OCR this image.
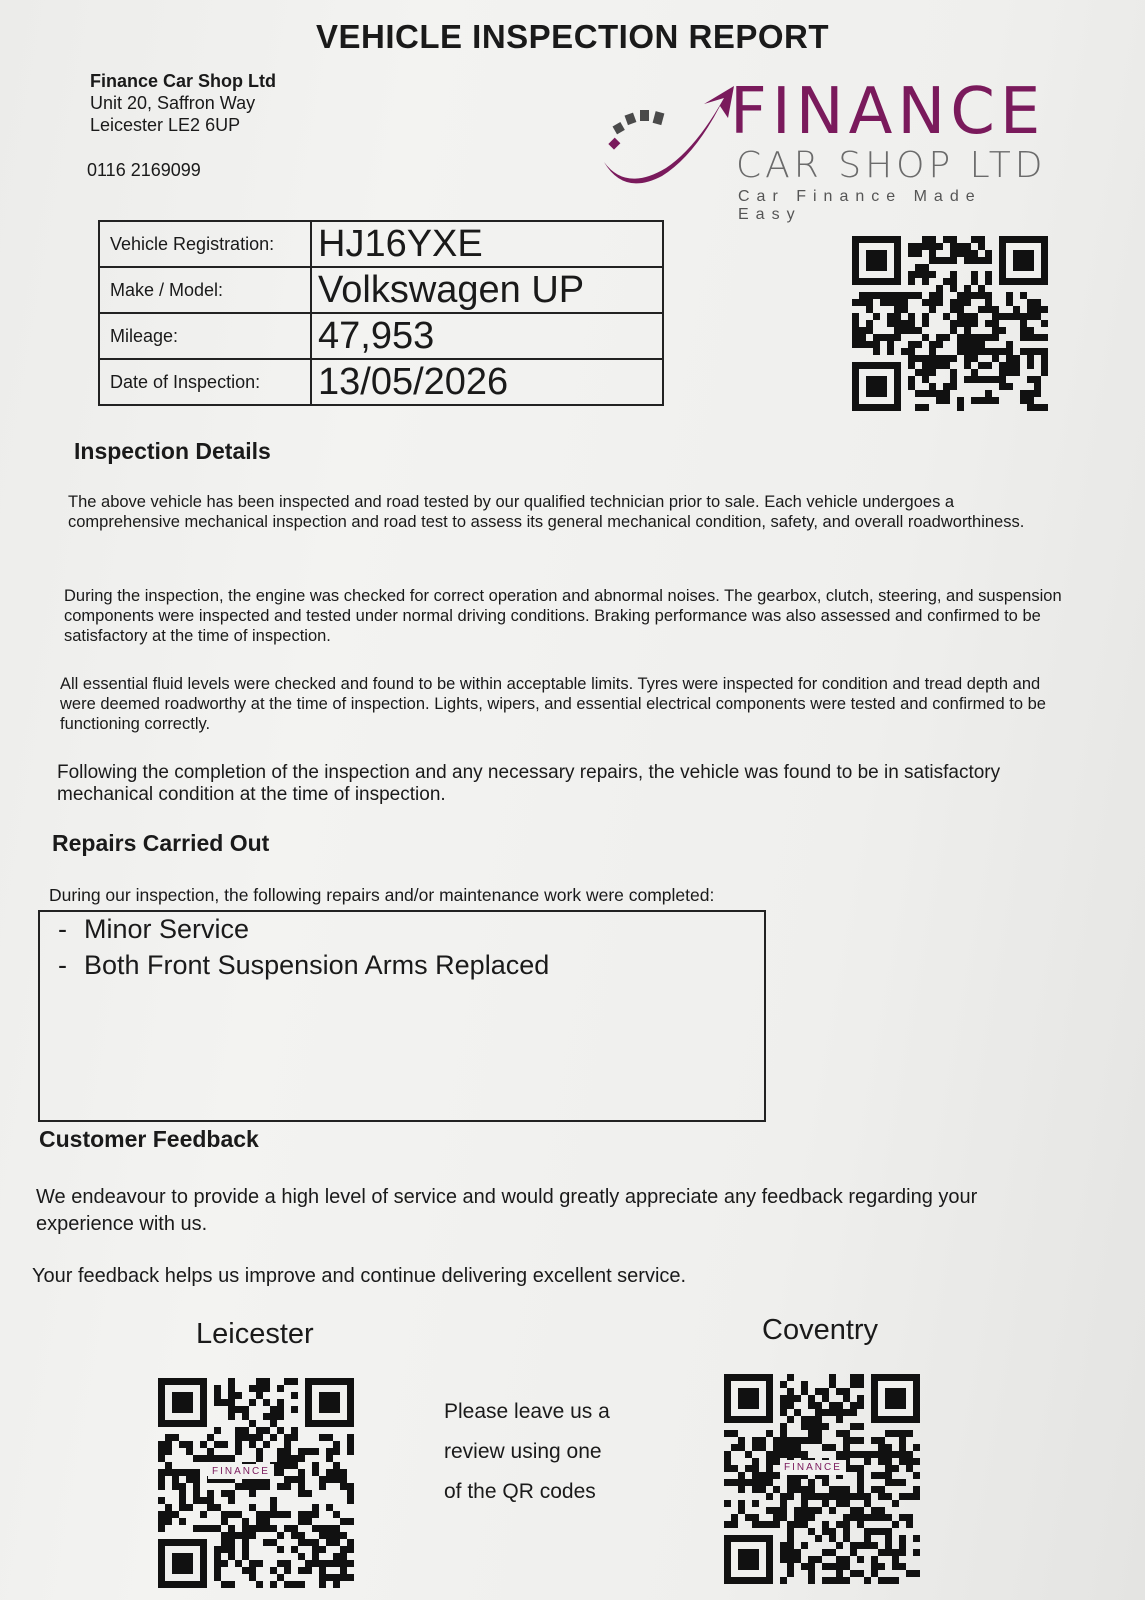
VEHICLE INSPECTION REPORT
Finance Car Shop Ltd
Unit 20, Saffron Way
Leicester LE2 6UP
0116 2169099
FINANCE
CAR SHOP LTD
Car Finance Made Easy
Vehicle Registration:	HJ16YXE
Make / Model:	Volkswagen UP
Mileage:	47,953
Date of Inspection:	13/05/2026
Inspection Details
The above vehicle has been inspected and road tested by our qualified technician prior to sale. Each vehicle undergoes a comprehensive mechanical inspection and road test to assess its general mechanical condition, safety, and overall roadworthiness.
During the inspection, the engine was checked for correct operation and abnormal noises. The gearbox, clutch, steering, and suspension components were inspected and tested under normal driving conditions. Braking performance was also assessed and confirmed to be satisfactory at the time of inspection.
All essential fluid levels were checked and found to be within acceptable limits. Tyres were inspected for condition and tread depth and were deemed roadworthy at the time of inspection. Lights, wipers, and essential electrical components were tested and confirmed to be functioning correctly.
Following the completion of the inspection and any necessary repairs, the vehicle was found to be in satisfactory mechanical condition at the time of inspection.
Repairs Carried Out
During our inspection, the following repairs and/or maintenance work were completed:
- Minor Service
- Both Front Suspension Arms Replaced
Customer Feedback
We endeavour to provide a high level of service and would greatly appreciate any feedback regarding your experience with us.
Your feedback helps us improve and continue delivering excellent service.
Leicester	Coventry
FINANCE
Please leave us a
review using one
of the QR codes
FINANCE
